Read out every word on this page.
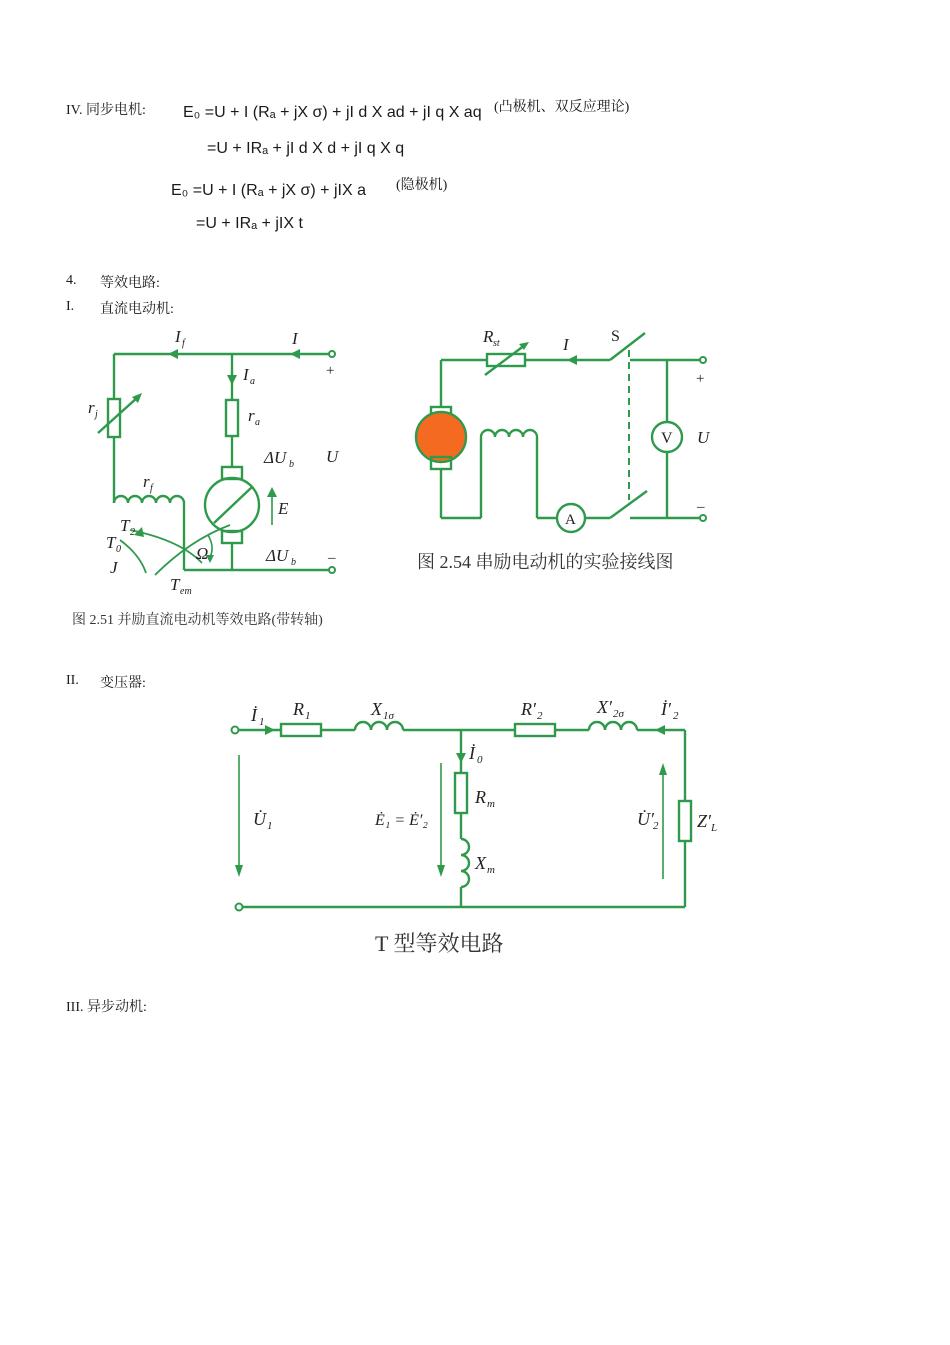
IV. 同步电机: E₀ =U + I (Rₐ + jX σ) + jI d X ad + jI q X aq (凸极机、双反应理论)
=U + IRₐ + jI d X d + jI q X q
E₀ =U + I (Rₐ + jX σ) + jIX a (隐极机)
=U + IRₐ + jIX t
4. 等效电路:
I. 直流电动机:
I f	I
I a
r j	r a
ΔU b U
+
E
r f
T 2
T 0	Ω	ΔU b –
J
T em
图 2.51 并励直流电动机等效电路(带转轴)
R st	I	S
+
V U
A
–
图 2.54 串励电动机的实验接线图
II. 变压器:
İ 1
R 1	X 1σ	R′ 2	X′ 2σ İ′ 2
İ 0
R m
X m
U̇ 1	Ė₁ = Ė′₂	U̇′ 2 Z′ L
T 型等效电路
III. 异步动机:
